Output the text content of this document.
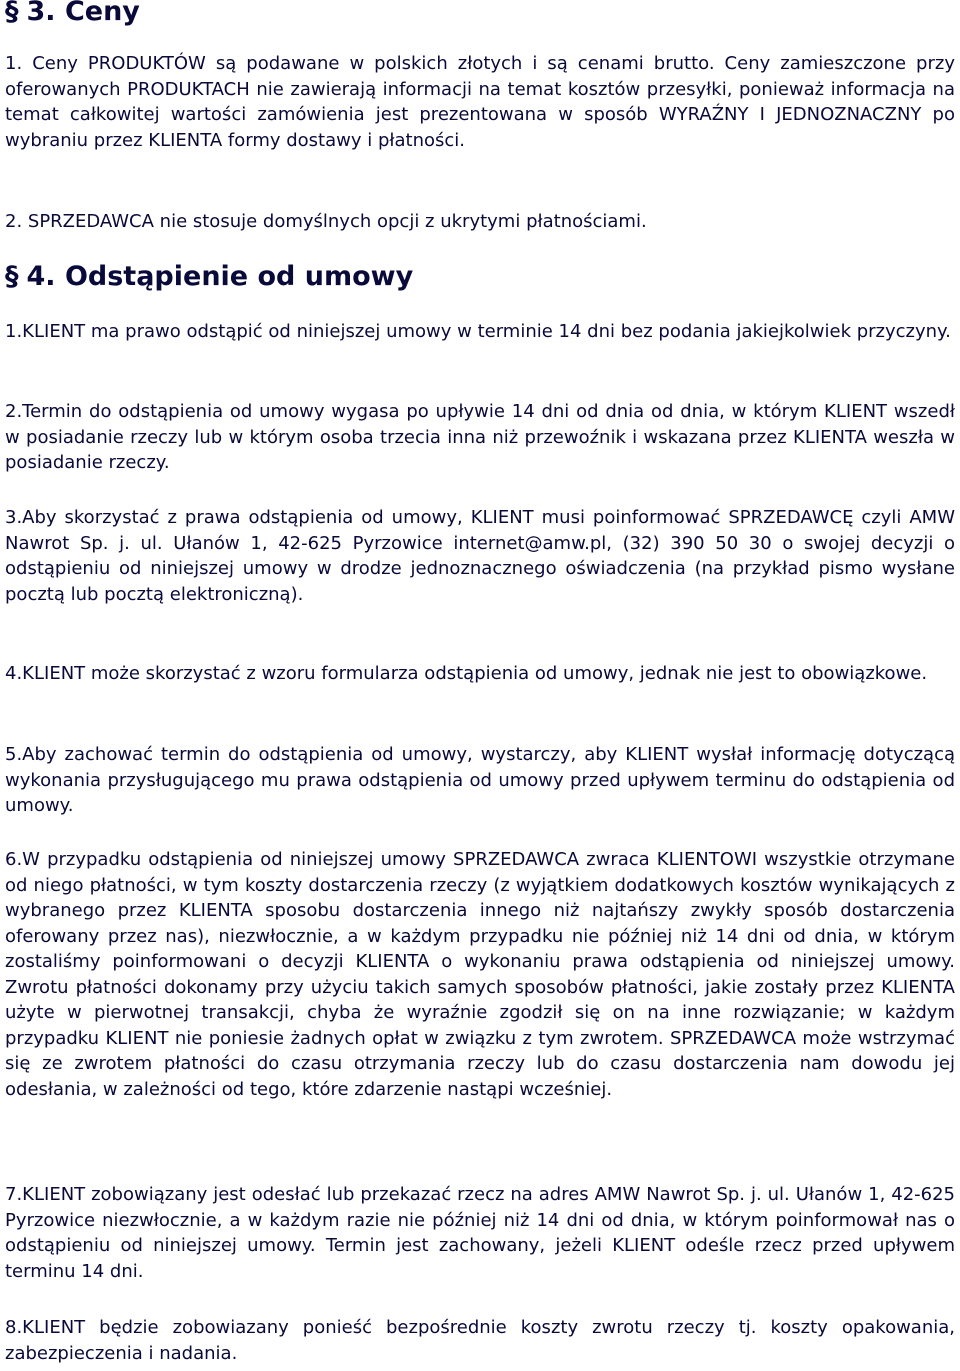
§ 3. Ceny

1. Ceny PRODUKTÓW są podawane w polskich złotych i są cenami brutto. Ceny zamieszczone przy oferowanych PRODUKTACH nie zawierają informacji na temat kosztów przesyłki, ponieważ informacja na temat całkowitej wartości zamówienia jest prezentowana w sposób WYRAŹNY I JEDNOZNACZNY po wybraniu przez KLIENTA formy dostawy i płatności.

2. SPRZEDAWCA nie stosuje domyślnych opcji z ukrytymi płatnościami.

§ 4. Odstąpienie od umowy

1.KLIENT ma prawo odstąpić od niniejszej umowy w terminie 14 dni bez podania jakiejkolwiek przyczyny.

2.Termin do odstąpienia od umowy wygasa po upływie 14 dni od dnia od dnia, w którym KLIENT wszedł w posiadanie rzeczy lub w którym osoba trzecia inna niż przewoźnik i wskazana przez KLIENTA weszła w posiadanie rzeczy.

3.Aby skorzystać z prawa odstąpienia od umowy, KLIENT musi poinformować SPRZEDAWCĘ czyli AMW Nawrot Sp. j. ul. Ułanów 1, 42-625 Pyrzowice internet@amw.pl, (32) 390 50 30 o swojej decyzji o odstąpieniu od niniejszej umowy w drodze jednoznacznego oświadczenia (na przykład pismo wysłane pocztą lub pocztą elektroniczną).

4.KLIENT może skorzystać z wzoru formularza odstąpienia od umowy, jednak nie jest to obowiązkowe.

5.Aby zachować termin do odstąpienia od umowy, wystarczy, aby KLIENT wysłał informację dotyczącą wykonania przysługującego mu prawa odstąpienia od umowy przed upływem terminu do odstąpienia od umowy.

6.W przypadku odstąpienia od niniejszej umowy SPRZEDAWCA zwraca KLIENTOWI wszystkie otrzymane od niego płatności, w tym koszty dostarczenia rzeczy (z wyjątkiem dodatkowych kosztów wynikających z wybranego przez KLIENTA sposobu dostarczenia innego niż najtańszy zwykły sposób dostarczenia oferowany przez nas), niezwłocznie, a w każdym przypadku nie później niż 14 dni od dnia, w którym zostaliśmy poinformowani o decyzji KLIENTA o wykonaniu prawa odstąpienia od niniejszej umowy. Zwrotu płatności dokonamy przy użyciu takich samych sposobów płatności, jakie zostały przez KLIENTA użyte w pierwotnej transakcji, chyba że wyraźnie zgodził się on na inne rozwiązanie; w każdym przypadku KLIENT nie poniesie żadnych opłat w związku z tym zwrotem. SPRZEDAWCA może wstrzymać się ze zwrotem płatności do czasu otrzymania rzeczy lub do czasu dostarczenia nam dowodu jej odesłania, w zależności od tego, które zdarzenie nastąpi wcześniej.

7.KLIENT zobowiązany jest odesłać lub przekazać rzecz na adres AMW Nawrot Sp. j. ul. Ułanów 1, 42-625 Pyrzowice niezwłocznie, a w każdym razie nie później niż 14 dni od dnia, w którym poinformował nas o odstąpieniu od niniejszej umowy. Termin jest zachowany, jeżeli KLIENT odeśle rzecz przed upływem terminu 14 dni.

8.KLIENT będzie zobowiazany ponieść bezpośrednie koszty zwrotu rzeczy tj. koszty opakowania, zabezpieczenia i nadania.
